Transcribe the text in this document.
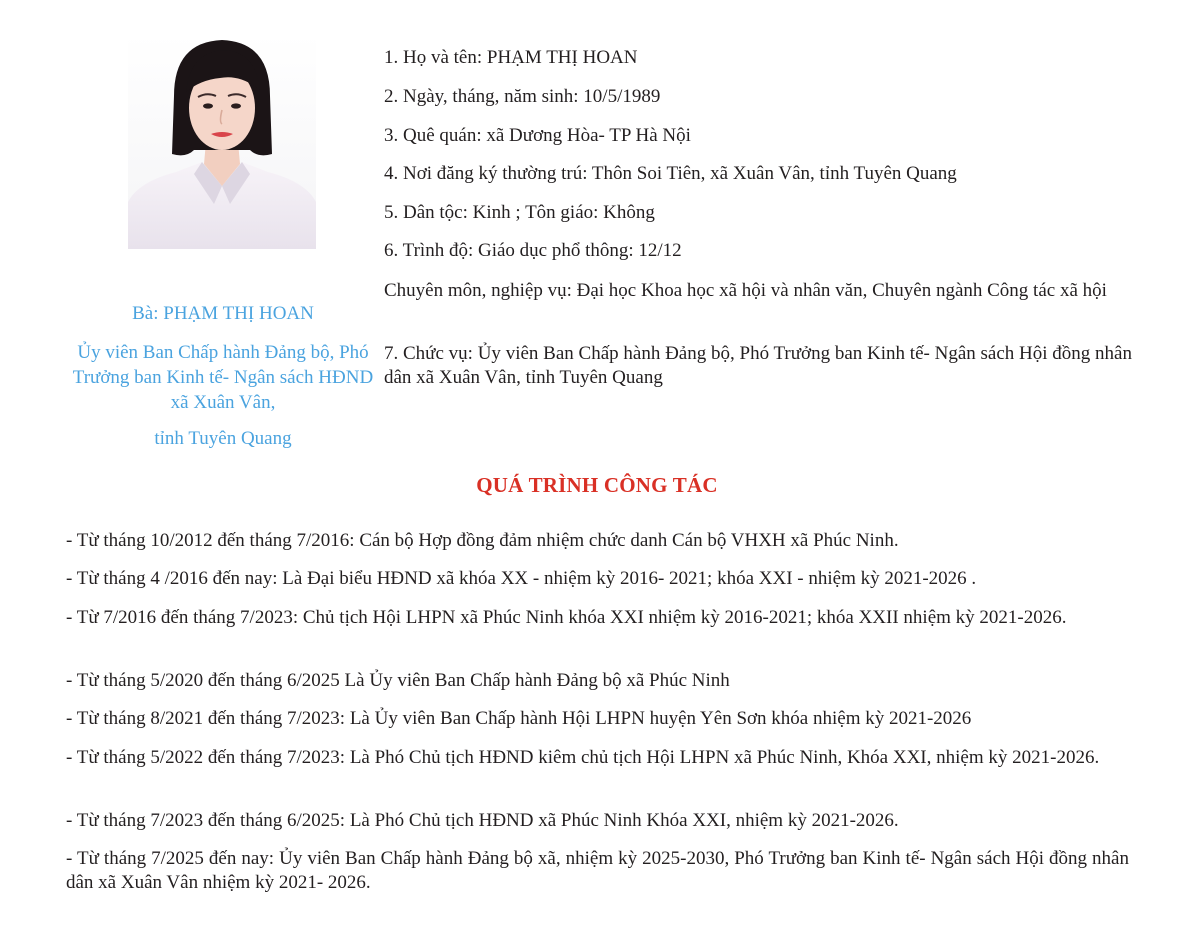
Bà: PHẠM THỊ HOAN
Ủy viên Ban Chấp hành Đảng bộ, Phó Trưởng ban Kinh tế- Ngân sách HĐND xã Xuân Vân,
tỉnh Tuyên Quang

1. Họ và tên: PHẠM THỊ HOAN

2. Ngày, tháng, năm sinh: 10/5/1989

3. Quê quán: xã Dương Hòa- TP Hà Nội

4. Nơi đăng ký thường trú: Thôn Soi Tiên, xã Xuân Vân, tỉnh Tuyên Quang

5. Dân tộc: Kinh ; Tôn giáo: Không

6. Trình độ: Giáo dục phổ thông: 12/12

Chuyên môn, nghiệp vụ: Đại học Khoa học xã hội và nhân văn, Chuyên ngành Công tác xã hội

7. Chức vụ: Ủy viên Ban Chấp hành Đảng bộ, Phó Trưởng ban Kinh tế- Ngân sách Hội đồng nhân dân xã Xuân Vân, tỉnh Tuyên Quang

QUÁ TRÌNH CÔNG TÁC

- Từ tháng 10/2012 đến tháng 7/2016: Cán bộ Hợp đồng đảm nhiệm chức danh Cán bộ VHXH xã Phúc Ninh.

- Từ tháng 4 /2016 đến nay: Là Đại biểu HĐND xã khóa XX - nhiệm kỳ 2016- 2021; khóa XXI - nhiệm kỳ 2021-2026 .

- Từ 7/2016 đến tháng 7/2023: Chủ tịch Hội LHPN xã Phúc Ninh khóa XXI nhiệm kỳ 2016-2021; khóa XXII nhiệm kỳ 2021-2026.

- Từ tháng 5/2020 đến tháng 6/2025 Là Ủy viên Ban Chấp hành Đảng bộ xã Phúc Ninh

- Từ tháng 8/2021 đến tháng 7/2023: Là Ủy viên Ban Chấp hành Hội LHPN huyện Yên Sơn khóa nhiệm kỳ 2021-2026

- Từ tháng 5/2022 đến tháng 7/2023: Là Phó Chủ tịch HĐND kiêm chủ tịch Hội LHPN xã Phúc Ninh, Khóa XXI, nhiệm kỳ 2021-2026.

- Từ tháng 7/2023 đến tháng 6/2025: Là Phó Chủ tịch HĐND xã Phúc Ninh Khóa XXI, nhiệm kỳ 2021-2026.

- Từ tháng 7/2025 đến nay: Ủy viên Ban Chấp hành Đảng bộ xã, nhiệm kỳ 2025-2030, Phó Trưởng ban Kinh tế- Ngân sách Hội đồng nhân dân xã Xuân Vân nhiệm kỳ 2021- 2026.
